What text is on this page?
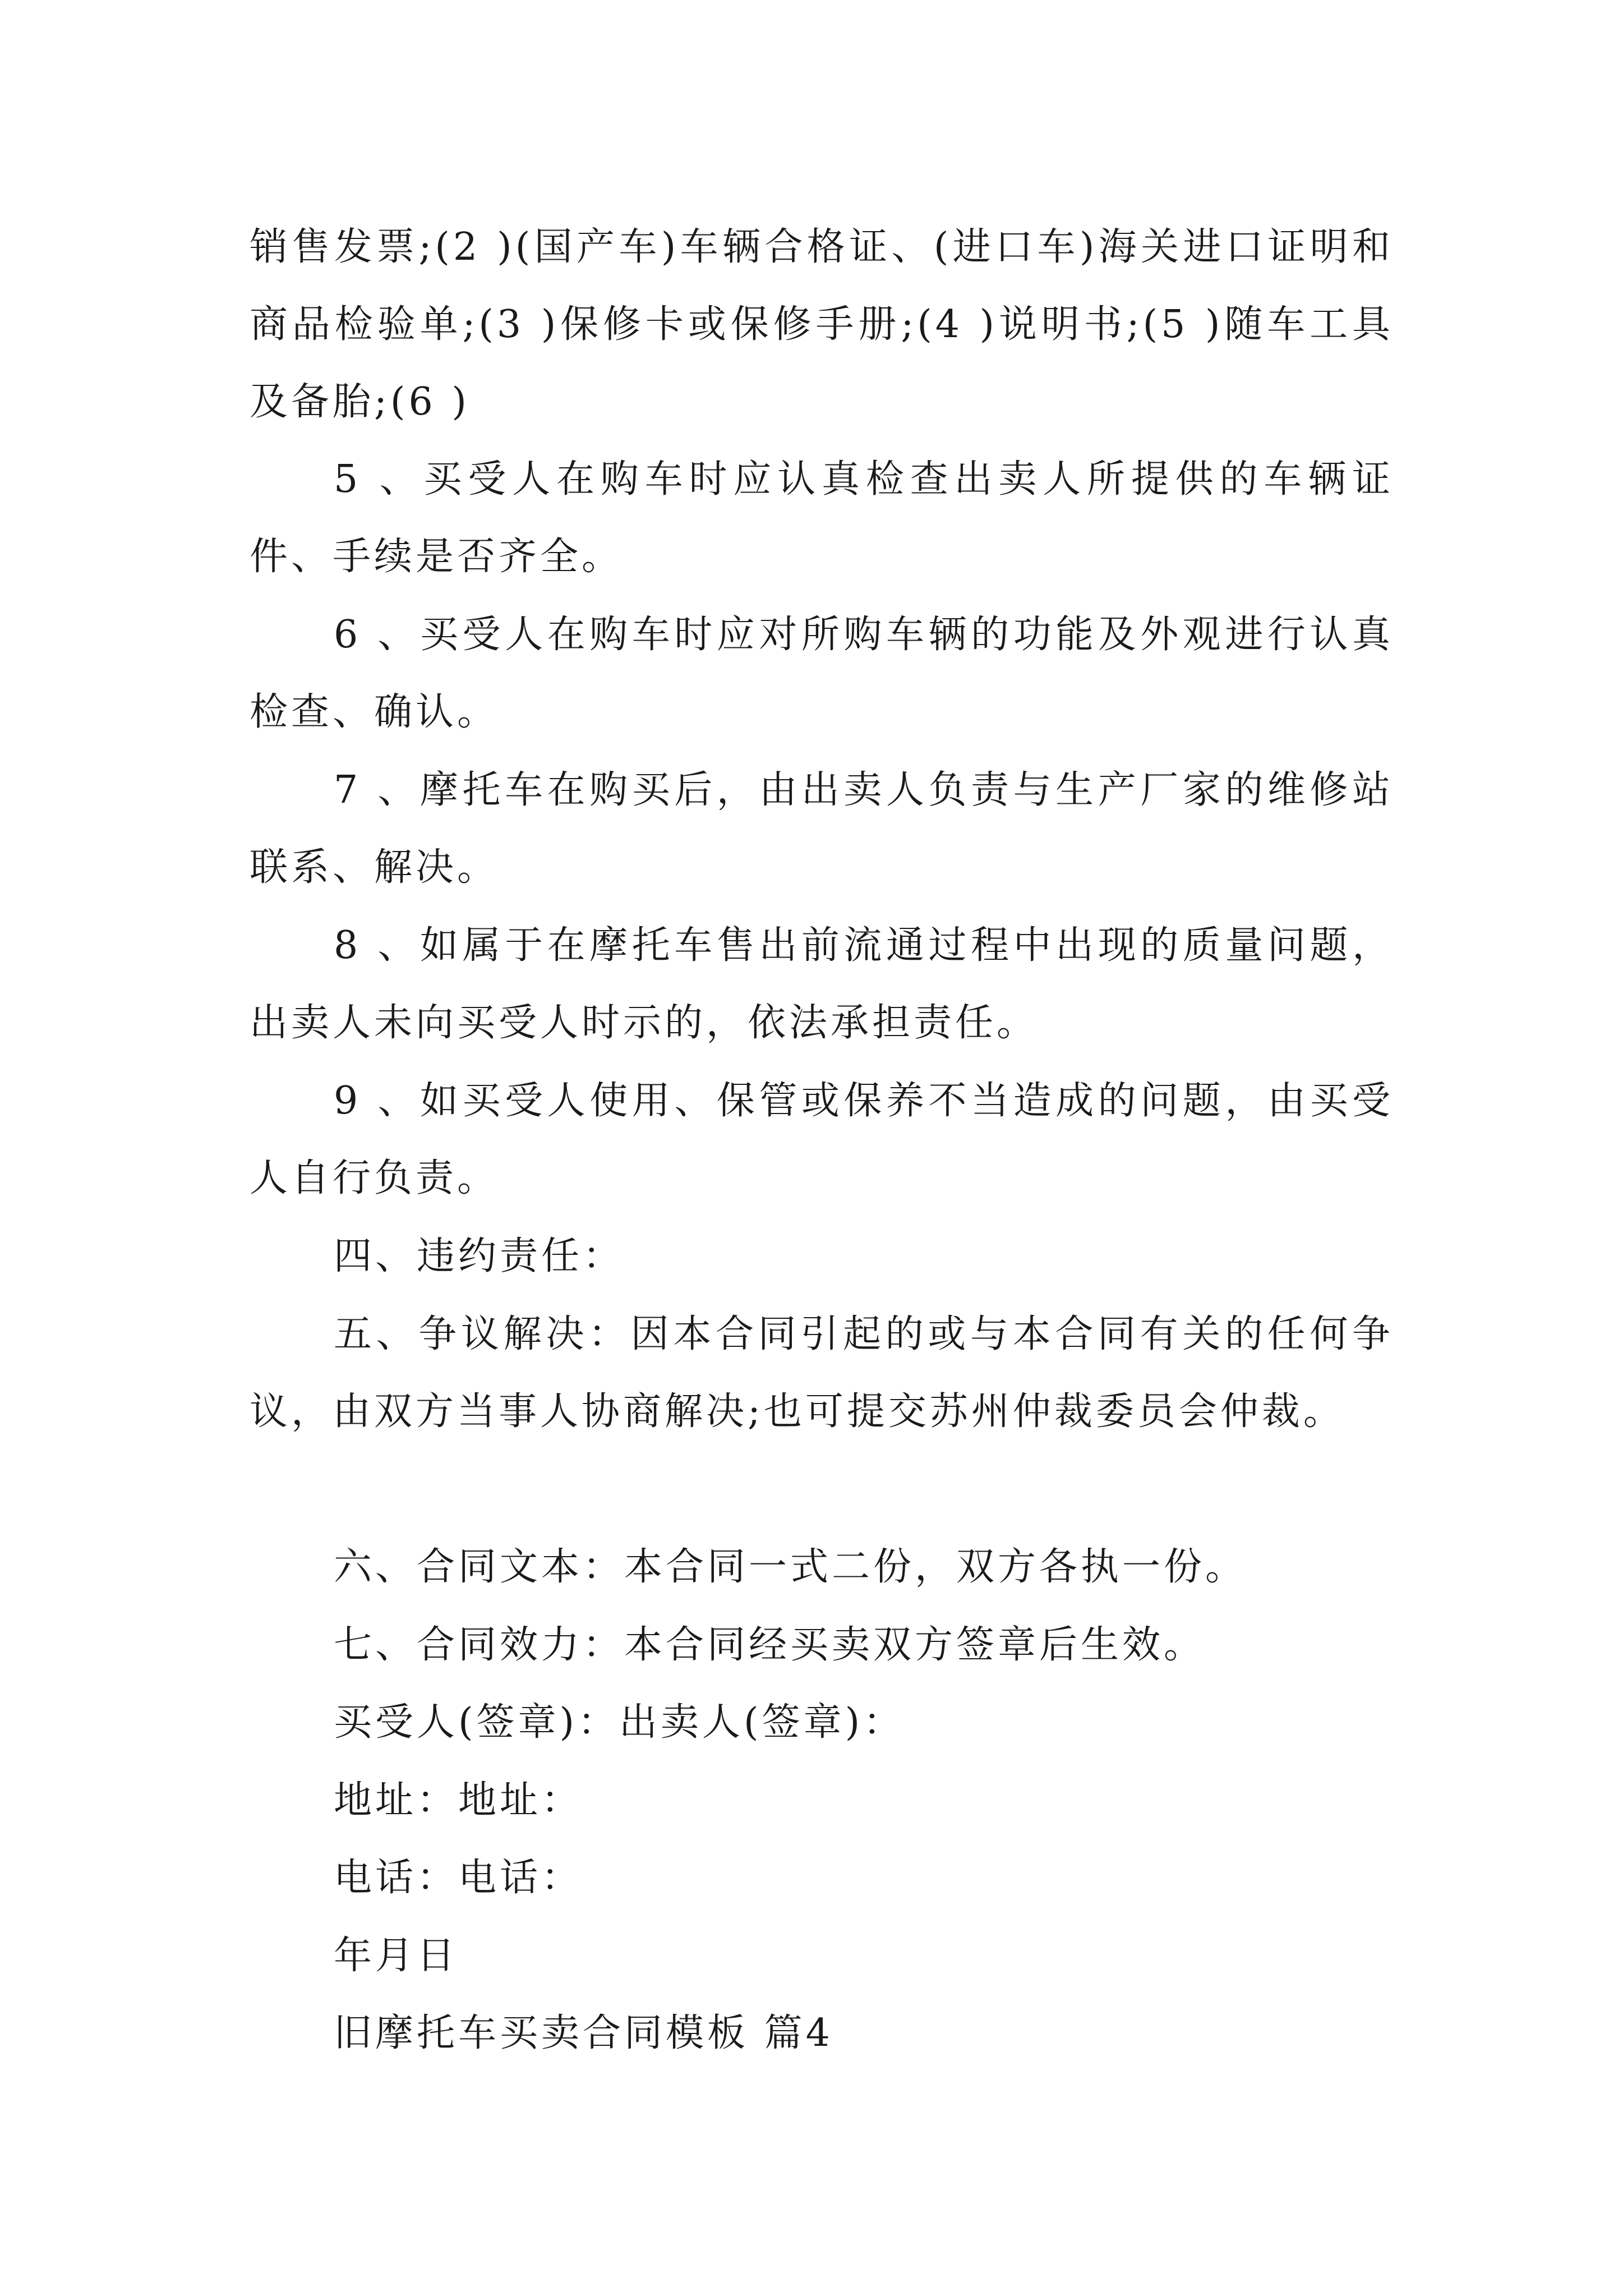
销售发票;(2 )(国产车)车辆合格证、(进口车)海关进口证明和商品检验单;(3 )保修卡或保修手册;(4 )说明书;(5 )随车工具及备胎;(6 )

5 、买受人在购车时应认真检查出卖人所提供的车辆证件、手续是否齐全。

6 、买受人在购车时应对所购车辆的功能及外观进行认真检查、确认。

7 、摩托车在购买后，由出卖人负责与生产厂家的维修站联系、解决。

8 、如属于在摩托车售出前流通过程中出现的质量问题，出卖人未向买受人时示的，依法承担责任。

9 、如买受人使用、保管或保养不当造成的问题，由买受人自行负责。

四、违约责任：

五、争议解决：因本合同引起的或与本合同有关的任何争议，由双方当事人协商解决;也可提交苏州仲裁委员会仲裁。

六、合同文本：本合同一式二份，双方各执一份。

七、合同效力：本合同经买卖双方签章后生效。

买受人(签章)：出卖人(签章)：

地址：地址：

电话：电话：

年月日

旧摩托车买卖合同模板 篇4
